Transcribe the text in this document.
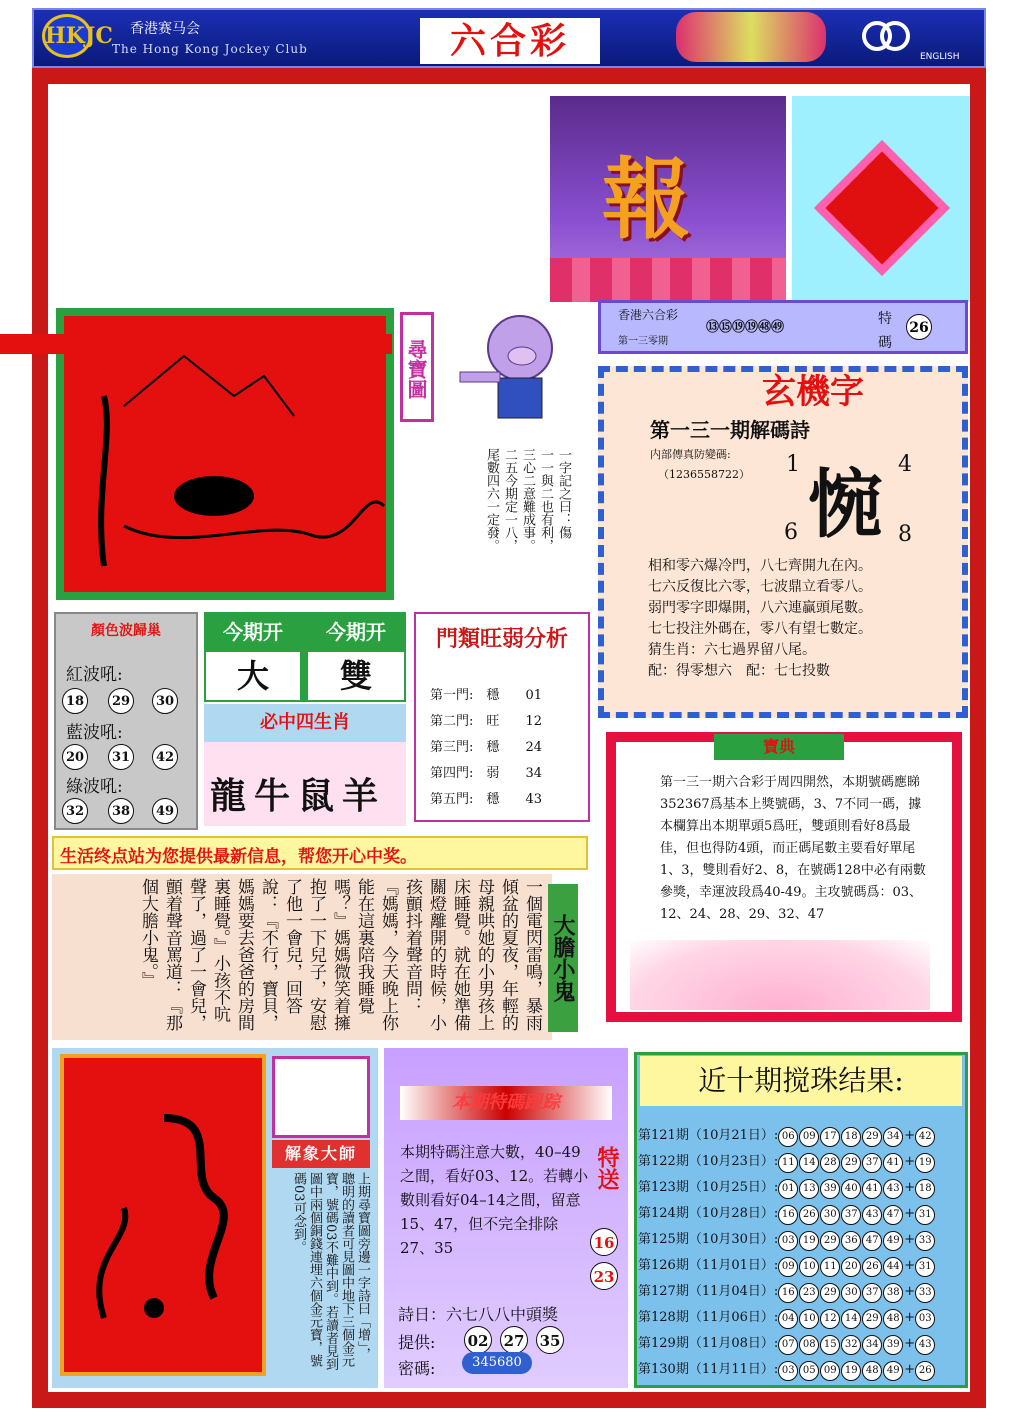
HKJC 香港赛马会
The Hong Kong Jockey Club	六合彩	ENGLISH
報
尋寶圖
一字記之曰：傷
一一與二也有利，
三心二意難成事。
二五今期定一八，
尾數四六一定發。
香港六合彩
第一三零期
⑬⑮⑲⑲㊽㊾
特
碼
26
玄機字
第一三一期解碼詩
内部傳真防變碼:
（1236558722） 惋
1	4
6	8
相和零六爆冷門，八七齊開九在內。
七六反復比六零，七波鼎立看零八。
弱門零字即爆開，八六連贏頭尾數。
七七投注外碼在，零八有望七數定。
猜生肖：六七過界留八尾。
配：得零想六　配：七七投數
寶典
第一三一期六合彩于周四開然，本期號碼應睇352367爲基本上獎號碼，3、7不同一碼，據本欄算出本期單頭5爲旺，雙頭則看好8爲最佳，但也得防4頭，而正碼尾數主要看好單尾1、3，雙則看好2、8，在號碼128中必有兩數參獎，幸運波段爲40-49。主攻號碼爲：03、12、24、28、29、32、47
顏色波歸巢
紅波吼:
18	29	30
藍波吼:
20	31	42
綠波吼:
32	38	49
今期开	今期开
大	雙
必中四生肖
龍牛鼠羊
門類旺弱分析
第一門:　 穩　　 01
第二門:　 旺　　 12
第三門:　 穩　　 24
第四門:　 弱　　 34
第五門:　 穩　　 43
生活终点站为您提供最新信息，帮您开心中奖。
一個電閃雷鳴，暴雨傾盆的夏夜，年輕的母親哄她的小男孩上床睡覺。就在她準備關燈離開的時候，小孩顫抖着聲音問：『媽媽，今天晚上你能在這裏陪我睡覺嗎？』媽媽微笑着擁抱了一下兒子，安慰了他一會兒，回答說：『不行，寶貝，媽媽要去爸爸的房間裏睡覺。』小孩不吭聲了，過了一會兒，顫着聲音罵道：『那個大膽小鬼。』	大膽小鬼
解象大師
上期尋寶圖旁邊一字詩曰「增」，聰明的讀者可見圖中地下三個金元寶，號碼03不難中到。若讀者見到圖中兩個銅錢連埋六個金元寶，號碼03可念到。
本期特碼跟踪
本期特碼注意大數，40–49之間，看好03、12。若轉小數則看好04–14之間，留意15、47，但不完全排除27、35
特送
16
23
詩日：六七八八中頭獎
提供: 02 27 35
密碼:	345680
近十期搅珠结果:
第121期（10月21日）: 06 09 17 18 29 34 + 42
第122期（10月23日）: 11 14 28 29 37 41 + 19
第123期（10月25日）: 01 13 39 40 41 43 + 18
第124期（10月28日）: 16 26 30 37 43 47 + 31
第125期（10月30日）: 03 19 29 36 47 49 + 33
第126期（11月01日）: 09 10 11 20 26 44 + 31
第127期（11月04日）: 16 23 29 30 37 38 + 33
第128期（11月06日）: 04 10 12 14 29 48 + 03
第129期（11月08日）: 07 08 15 32 34 39 + 43
第130期（11月11日）: 03 05 09 19 48 49 + 26
